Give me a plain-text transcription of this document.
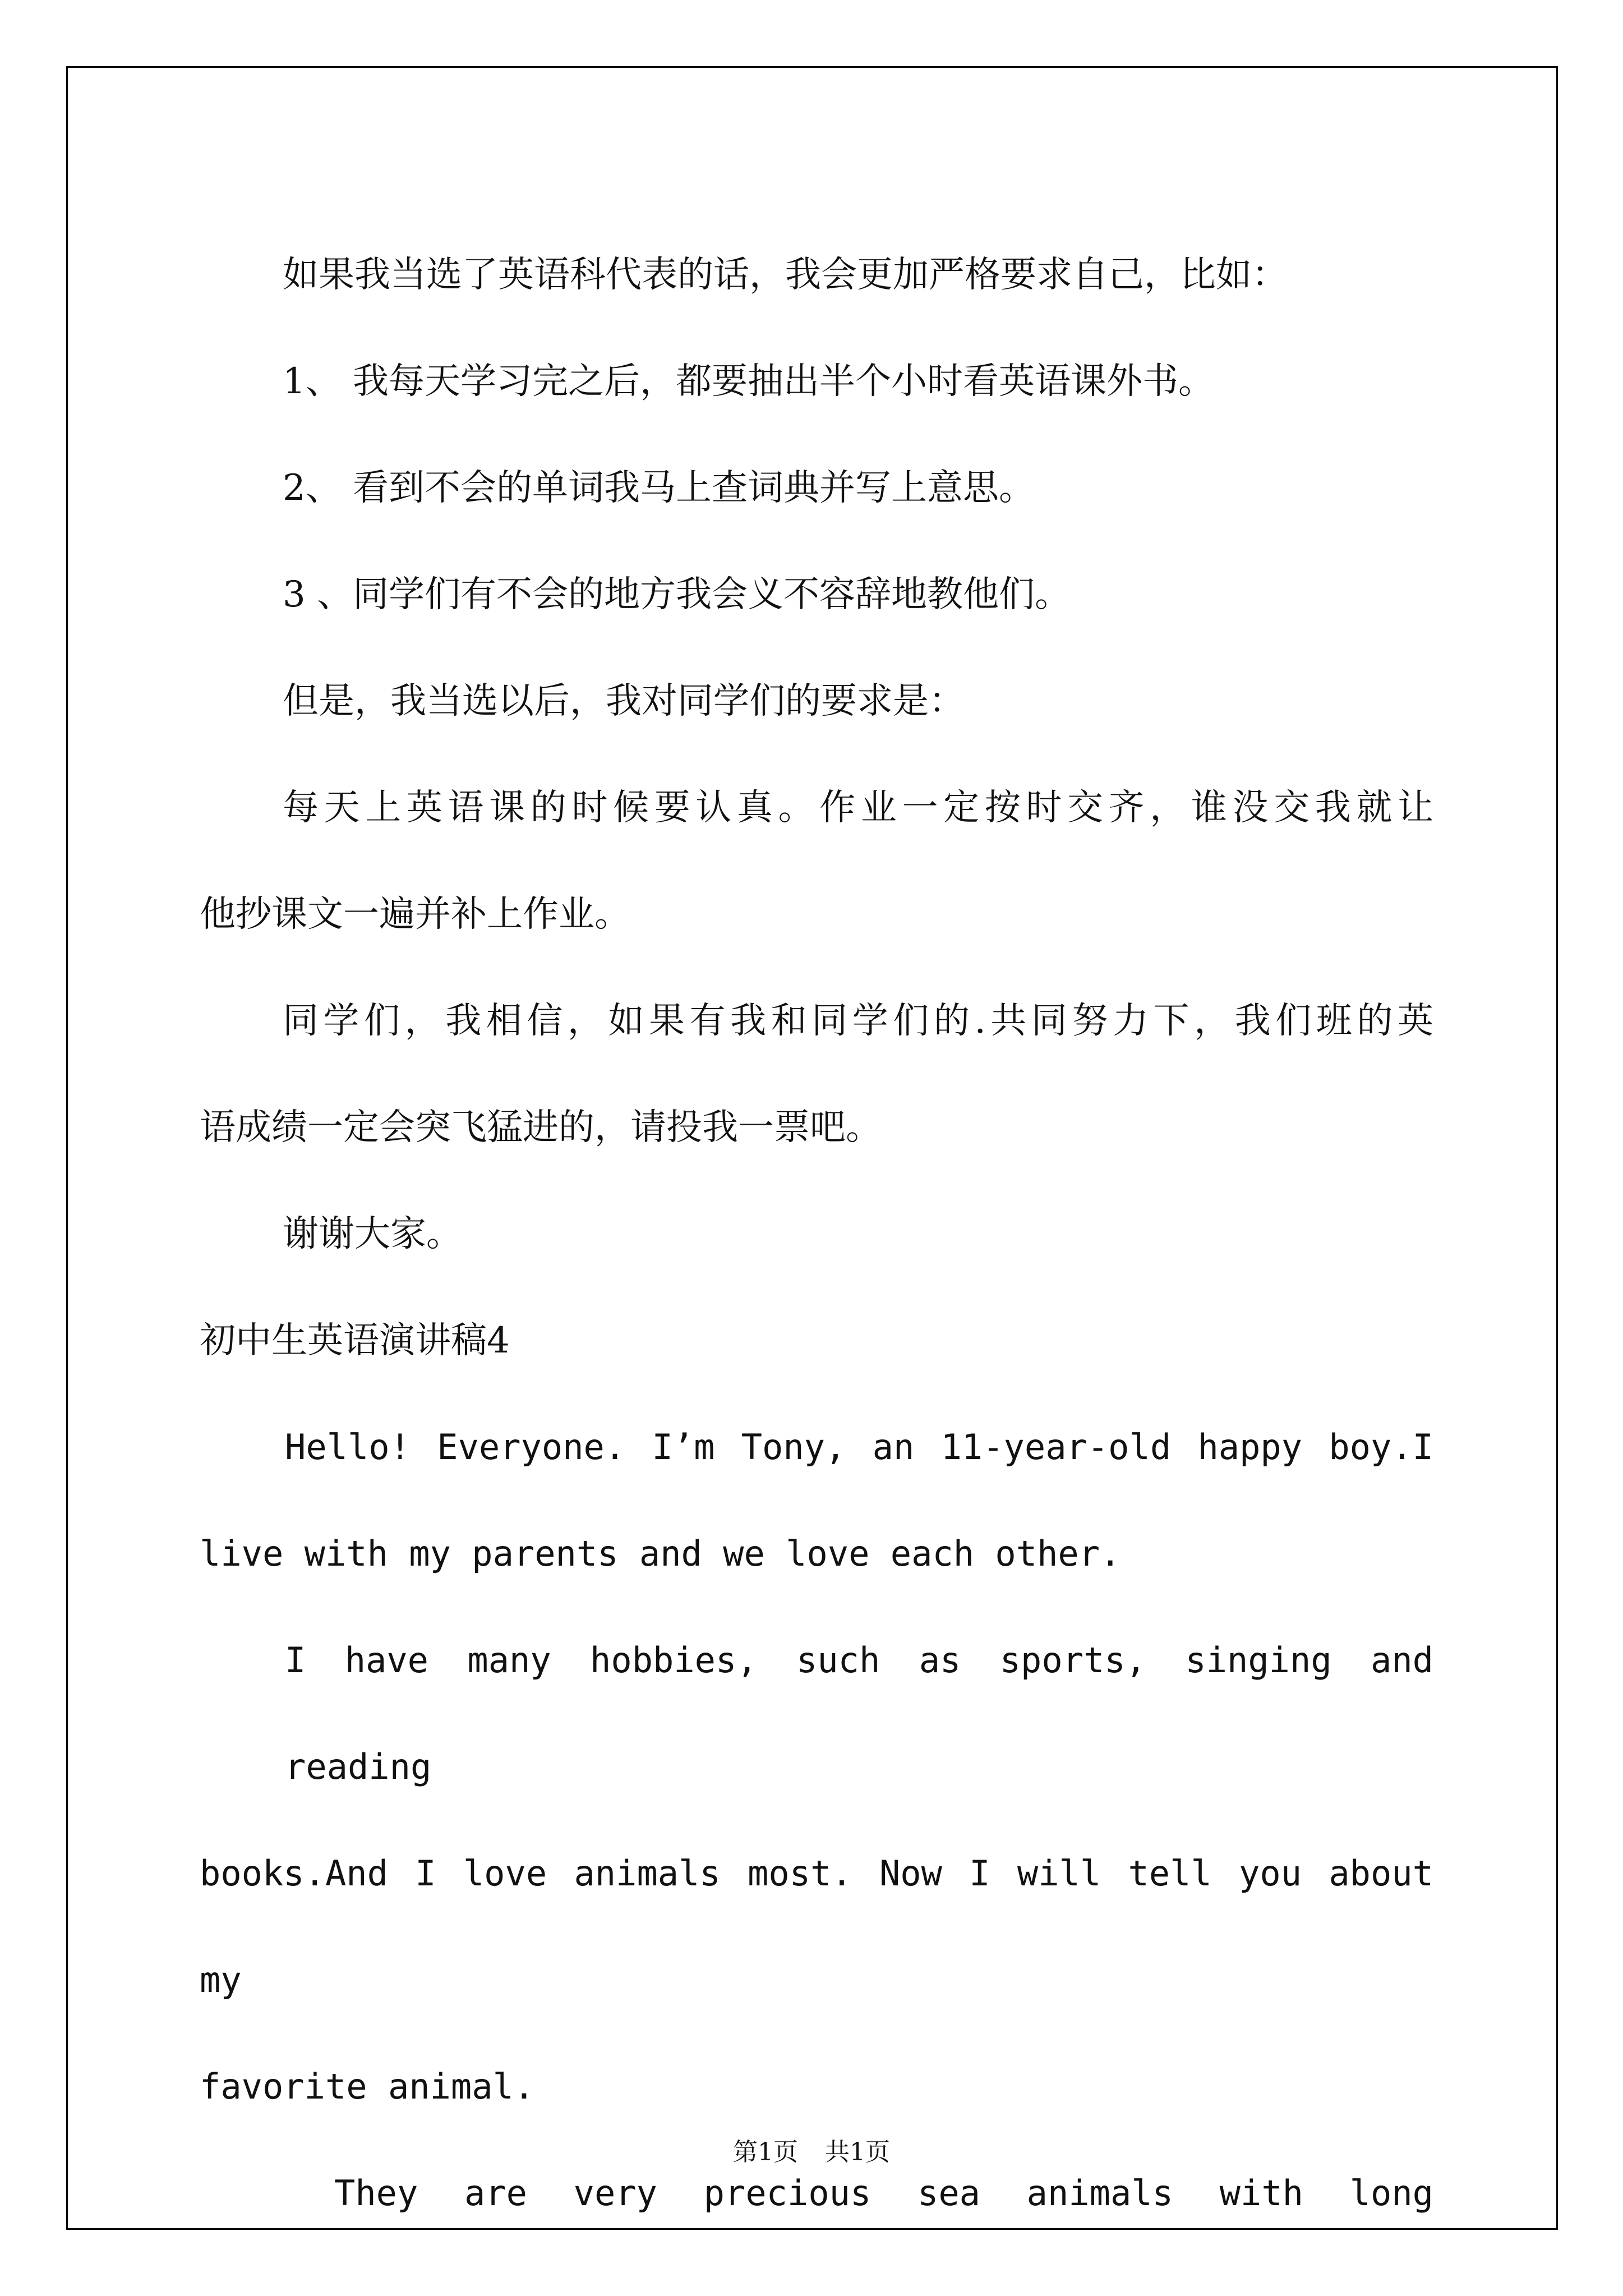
如果我当选了英语科代表的话，我会更加严格要求自己，比如：

1、 我每天学习完之后，都要抽出半个小时看英语课外书。

2、 看到不会的单词我马上查词典并写上意思。

3 、同学们有不会的地方我会义不容辞地教他们。

但是，我当选以后，我对同学们的要求是：

每天上英语课的时候要认真。作业一定按时交齐，谁没交我就让

他抄课文一遍并补上作业。

同学们，我相信，如果有我和同学们的.共同努力下，我们班的英

语成绩一定会突飞猛进的，请投我一票吧。

谢谢大家。

初中生英语演讲稿4

Hello! Everyone. I’m Tony, an 11-year-old happy boy.I

live with my parents and we love each other.

I have many hobbies, such as sports, singing and reading

books.And I love animals most. Now I will tell you about my

favorite animal.

They are very precious sea animals with long

第1页 共1页
